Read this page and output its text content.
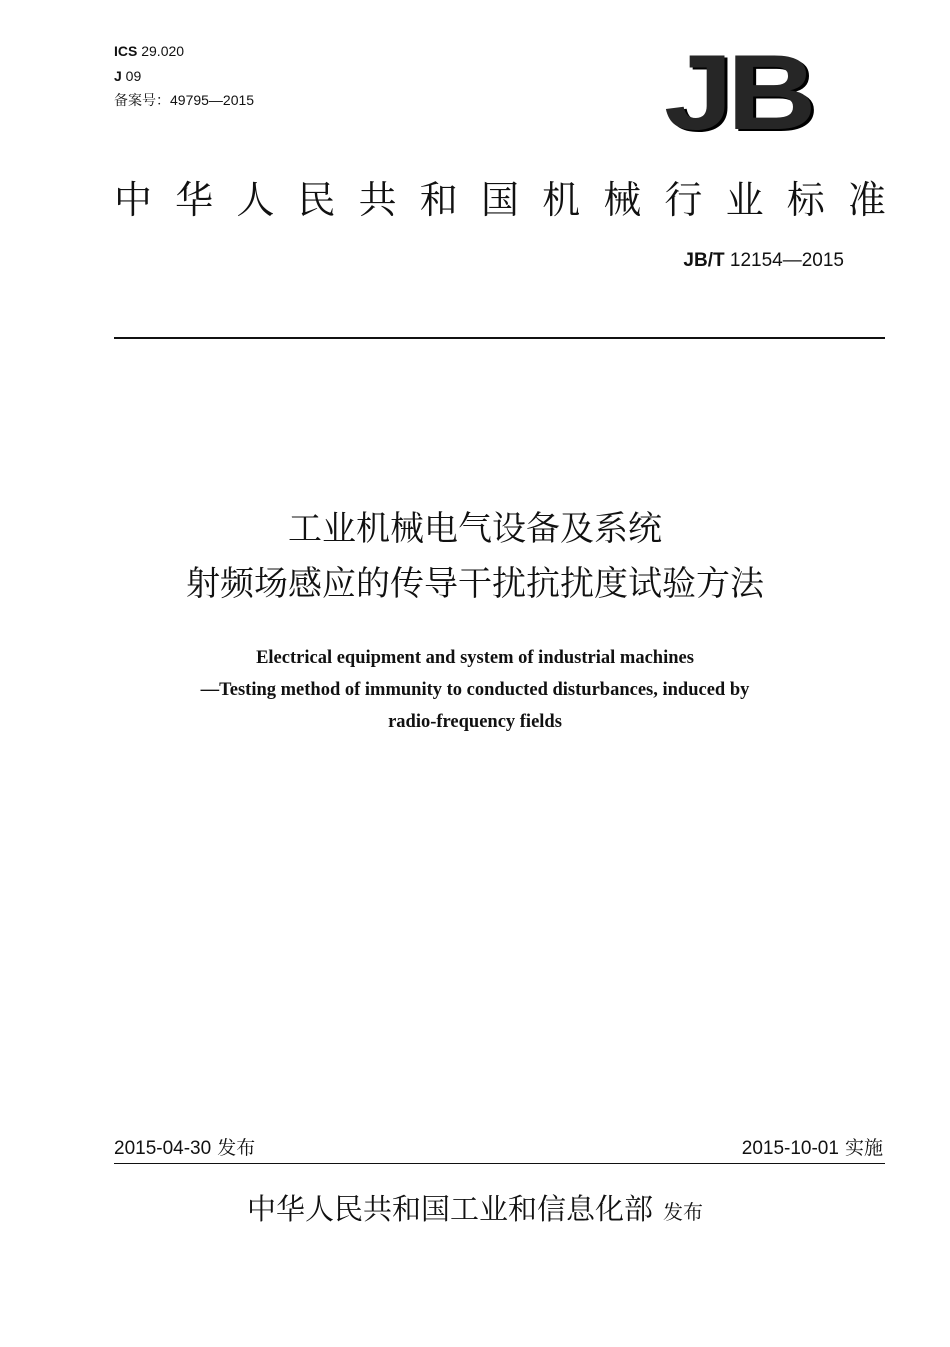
ICS 29.020
J 09
备案号：49795—2015	JB
中 华 人 民 共 和 国 机 械 行 业 标 准
JB/T 12154—2015
工业机械电气设备及系统
射频场感应的传导干扰抗扰度试验方法
Electrical equipment and system of industrial machines
—Testing method of immunity to conducted disturbances, induced by
radio-frequency fields
2015-04-30 发布	2015-10-01 实施
中华人民共和国工业和信息化部 发布
